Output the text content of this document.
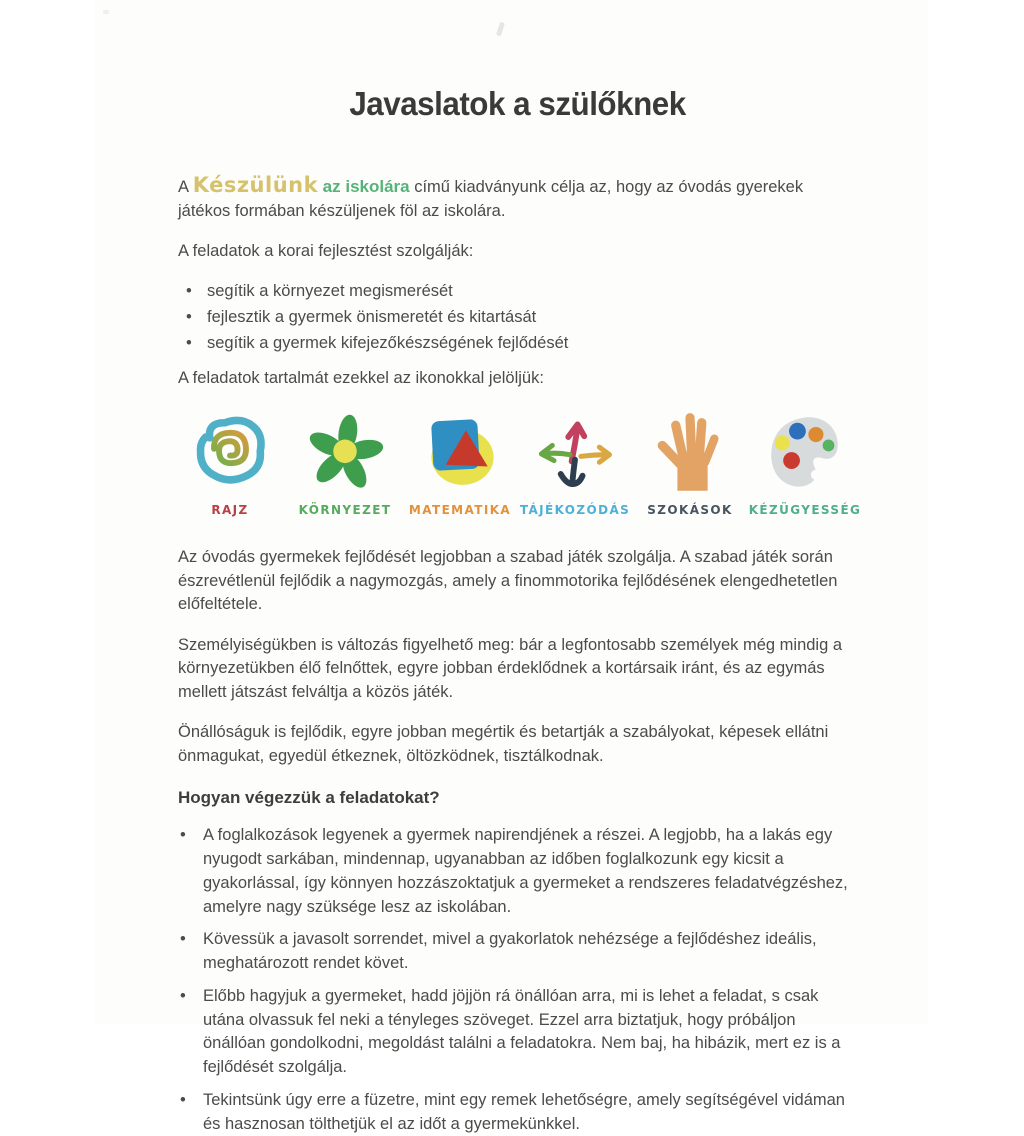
Javaslatok a szülőknek

A Készülünk az iskolára című kiadványunk célja az, hogy az óvodás gyerekek játékos formában készüljenek föl az iskolára.

A feladatok a korai fejlesztést szolgálják:

• segítik a környezet megismerését
• fejlesztik a gyermek önismeretét és kitartását
• segítik a gyermek kifejezőkészségének fejlődését

A feladatok tartalmát ezekkel az ikonokkal jelöljük:

RAJZ	KÖRNYEZET MATEMATIKA TÁJÉKOZÓDÁS SZOKÁSOK KÉZÜGYESSÉG

Az óvodás gyermekek fejlődését legjobban a szabad játék szolgálja. A szabad játék során észrevétlenül fejlődik a nagymozgás, amely a finommotorika fejlődésének elengedhetetlen előfeltétele.

Személyiségükben is változás figyelhető meg: bár a legfontosabb személyek még mindig a környezetükben élő felnőttek, egyre jobban érdeklődnek a kortársaik iránt, és az egymás mellett játszást felváltja a közös játék.

Önállóságuk is fejlődik, egyre jobban megértik és betartják a szabályokat, képesek ellátni önmagukat, egyedül étkeznek, öltözködnek, tisztálkodnak.

Hogyan végezzük a feladatokat?
•	A foglalkozások legyenek a gyermek napirendjének a részei. A legjobb, ha a lakás egy nyugodt sarkában, mindennap, ugyanabban az időben foglalkozunk egy kicsit a gyakorlással, így könnyen hozzászoktatjuk a gyermeket a rendszeres feladatvégzéshez, amelyre nagy szüksége lesz az iskolában.
•	Kövessük a javasolt sorrendet, mivel a gyakorlatok nehézsége a fejlődéshez ideális, meghatározott rendet követ.
•	Előbb hagyjuk a gyermeket, hadd jöjjön rá önállóan arra, mi is lehet a feladat, s csak utána olvassuk fel neki a tényleges szöveget. Ezzel arra biztatjuk, hogy próbáljon önállóan gondolkodni, megoldást találni a feladatokra. Nem baj, ha hibázik, mert ez is a fejlődését szolgálja.
•	Tekintsünk úgy erre a füzetre, mint egy remek lehetőségre, amely segítségével vidáman és hasznosan tölthetjük el az időt a gyermekünkkel.
